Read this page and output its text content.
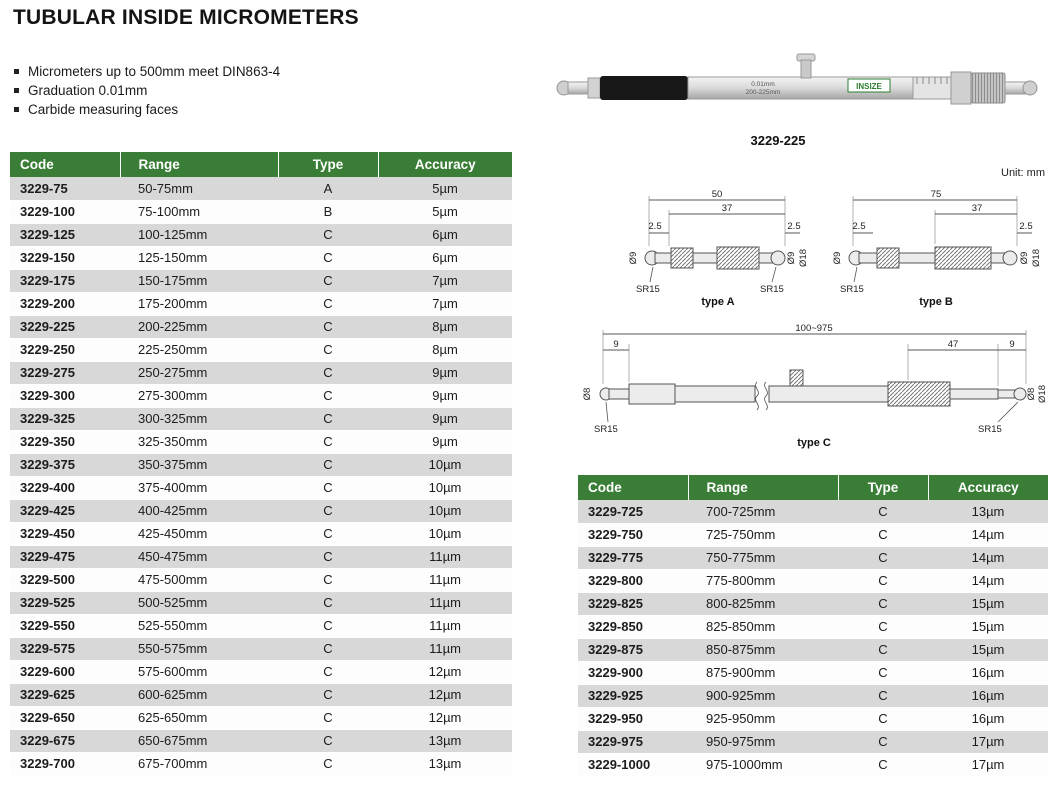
TUBULAR INSIDE MICROMETERS
Micrometers up to 500mm meet DIN863-4
Graduation 0.01mm
Carbide measuring faces
0.01mm
200-225mm
INSIZE
3229-225
Unit: mm
50
37
2.5	2.5
Ø9	Ø9 Ø18
SR15	SR15
type A
75
37
2.5	2.5
Ø9	Ø9 Ø18
SR15
type B
100~975
9	47	9
Ø8	Ø8 Ø18
SR15	SR15
type C
Code	Range	Type	Accuracy
3229-75	50-75mm	A	5µm
3229-100	75-100mm	B	5µm
3229-125	100-125mm	C	6µm
3229-150	125-150mm	C	6µm
3229-175	150-175mm	C	7µm
3229-200	175-200mm	C	7µm
3229-225	200-225mm	C	8µm
3229-250	225-250mm	C	8µm
3229-275	250-275mm	C	9µm
3229-300	275-300mm	C	9µm
3229-325	300-325mm	C	9µm
3229-350	325-350mm	C	9µm
3229-375	350-375mm	C	10µm
3229-400	375-400mm	C	10µm
3229-425	400-425mm	C	10µm
3229-450	425-450mm	C	10µm
3229-475	450-475mm	C	11µm
3229-500	475-500mm	C	11µm
3229-525	500-525mm	C	11µm
3229-550	525-550mm	C	11µm
3229-575	550-575mm	C	11µm
3229-600	575-600mm	C	12µm
3229-625	600-625mm	C	12µm
3229-650	625-650mm	C	12µm
3229-675	650-675mm	C	13µm
3229-700	675-700mm	C	13µm
Code	Range	Type	Accuracy
3229-725	700-725mm	C	13µm
3229-750	725-750mm	C	14µm
3229-775	750-775mm	C	14µm
3229-800	775-800mm	C	14µm
3229-825	800-825mm	C	15µm
3229-850	825-850mm	C	15µm
3229-875	850-875mm	C	15µm
3229-900	875-900mm	C	16µm
3229-925	900-925mm	C	16µm
3229-950	925-950mm	C	16µm
3229-975	950-975mm	C	17µm
3229-1000	975-1000mm	C	17µm
